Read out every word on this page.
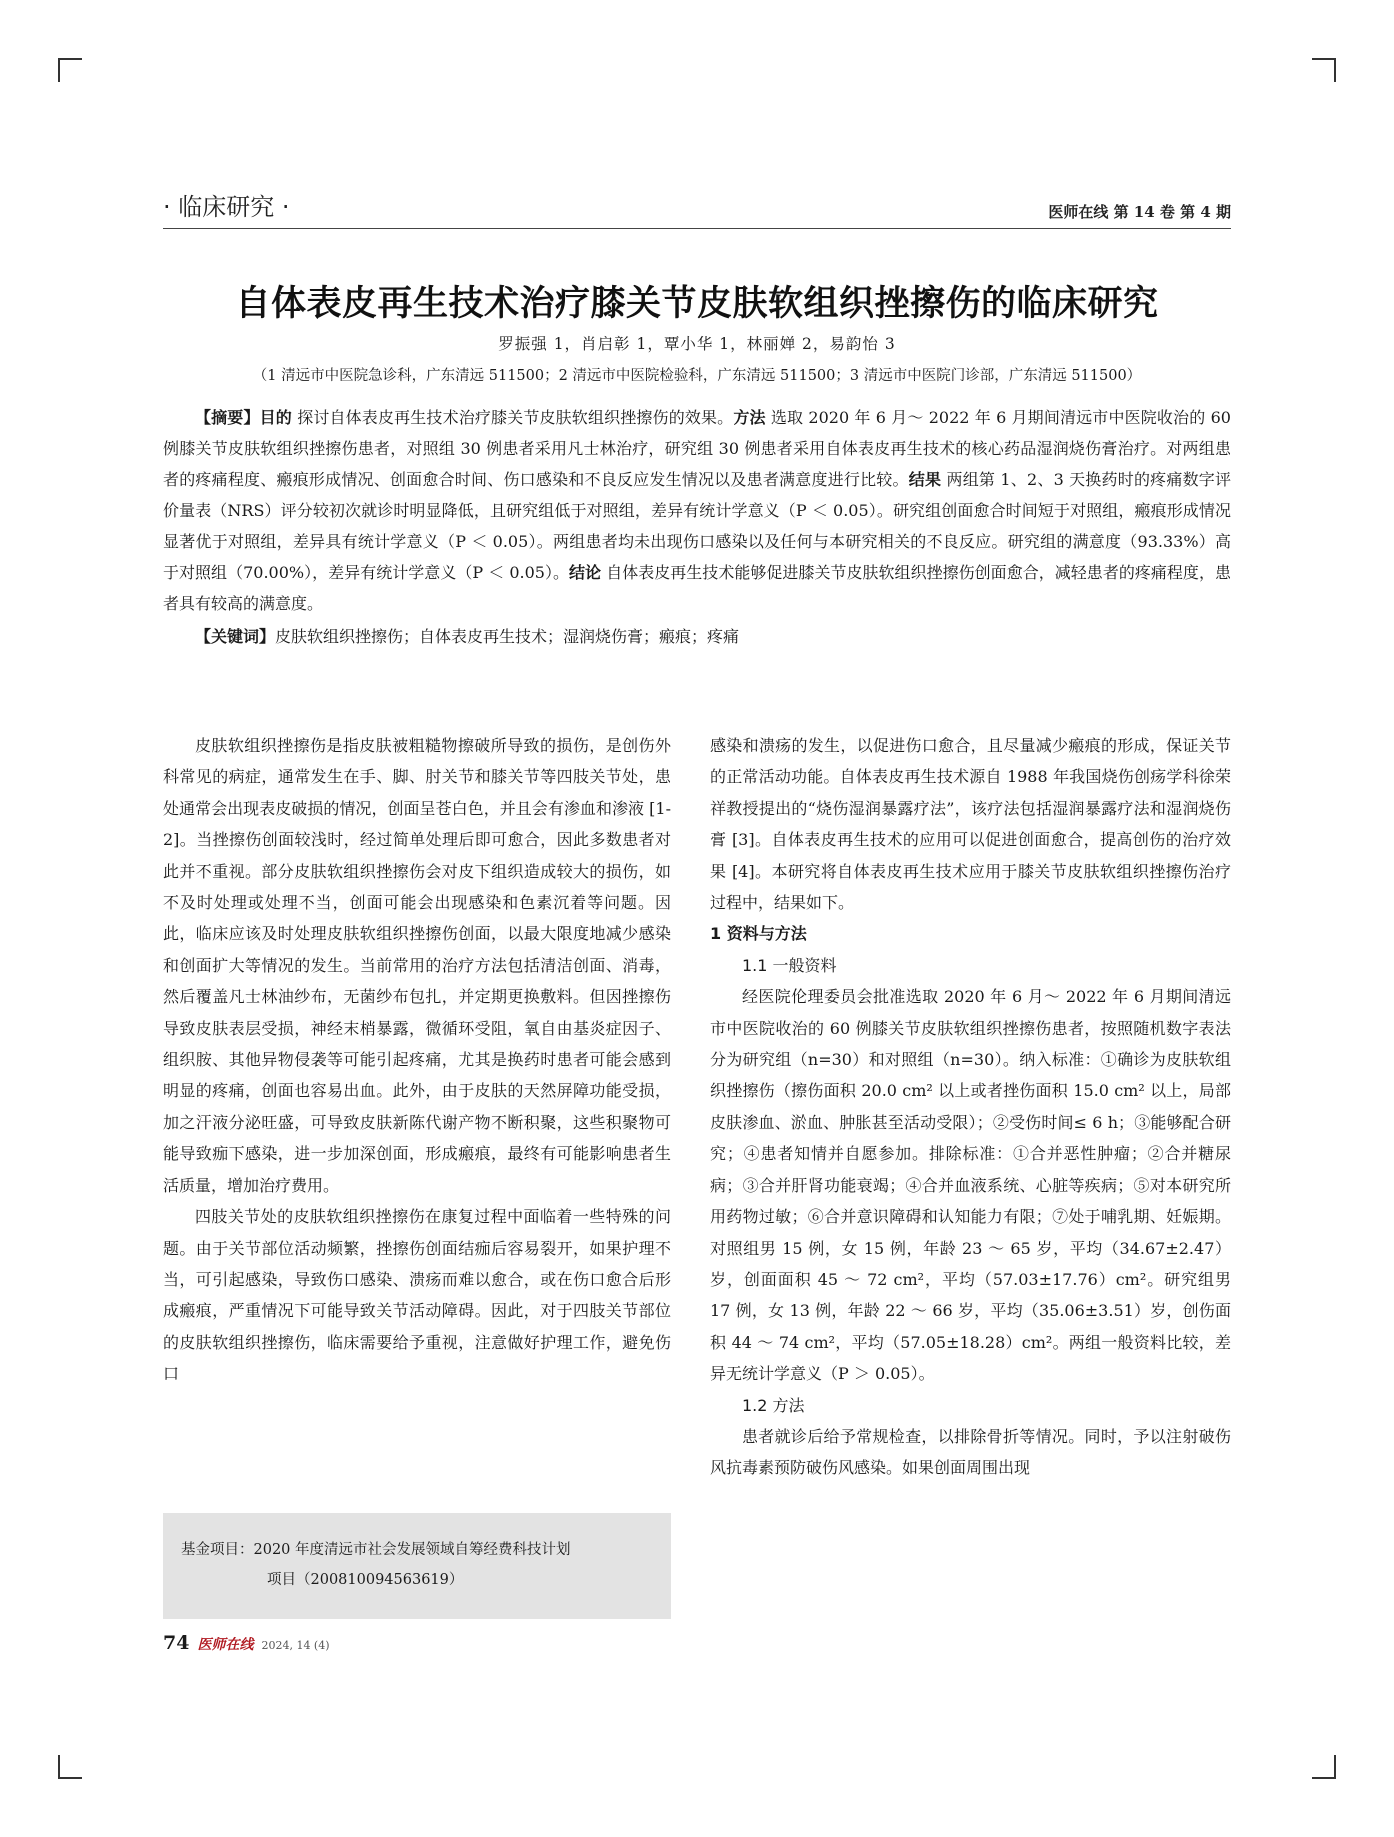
· 临床研究 ·	医师在线 第 14 卷 第 4 期
自体表皮再生技术治疗膝关节皮肤软组织挫擦伤的临床研究
罗振强 1，肖启彰 1，覃小华 1，林丽婵 2，易韵怡 3
（1 清远市中医院急诊科，广东清远 511500；2 清远市中医院检验科，广东清远 511500；3 清远市中医院门诊部，广东清远 511500）

【摘要】目的 探讨自体表皮再生技术治疗膝关节皮肤软组织挫擦伤的效果。方法 选取 2020 年 6 月～ 2022 年 6 月期间清远市中医院收治的 60 例膝关节皮肤软组织挫擦伤患者，对照组 30 例患者采用凡士林治疗，研究组 30 例患者采用自体表皮再生技术的核心药品湿润烧伤膏治疗。对两组患者的疼痛程度、瘢痕形成情况、创面愈合时间、伤口感染和不良反应发生情况以及患者满意度进行比较。结果 两组第 1、2、3 天换药时的疼痛数字评价量表（NRS）评分较初次就诊时明显降低，且研究组低于对照组，差异有统计学意义（P ＜ 0.05）。研究组创面愈合时间短于对照组，瘢痕形成情况显著优于对照组，差异具有统计学意义（P ＜ 0.05）。两组患者均未出现伤口感染以及任何与本研究相关的不良反应。研究组的满意度（93.33%）高于对照组（70.00%），差异有统计学意义（P ＜ 0.05）。结论 自体表皮再生技术能够促进膝关节皮肤软组织挫擦伤创面愈合，减轻患者的疼痛程度，患者具有较高的满意度。

【关键词】皮肤软组织挫擦伤；自体表皮再生技术；湿润烧伤膏；瘢痕；疼痛

皮肤软组织挫擦伤是指皮肤被粗糙物擦破所导致的损伤，是创伤外科常见的病症，通常发生在手、脚、肘关节和膝关节等四肢关节处，患处通常会出现表皮破损的情况，创面呈苍白色，并且会有渗血和渗液 [1-2]。当挫擦伤创面较浅时，经过简单处理后即可愈合，因此多数患者对此并不重视。部分皮肤软组织挫擦伤会对皮下组织造成较大的损伤，如不及时处理或处理不当，创面可能会出现感染和色素沉着等问题。因此，临床应该及时处理皮肤软组织挫擦伤创面，以最大限度地减少感染和创面扩大等情况的发生。当前常用的治疗方法包括清洁创面、消毒，然后覆盖凡士林油纱布，无菌纱布包扎，并定期更换敷料。但因挫擦伤导致皮肤表层受损，神经末梢暴露，微循环受阻，氧自由基炎症因子、组织胺、其他异物侵袭等可能引起疼痛，尤其是换药时患者可能会感到明显的疼痛，创面也容易出血。此外，由于皮肤的天然屏障功能受损，加之汗液分泌旺盛，可导致皮肤新陈代谢产物不断积聚，这些积聚物可能导致痂下感染，进一步加深创面，形成瘢痕，最终有可能影响患者生活质量，增加治疗费用。

四肢关节处的皮肤软组织挫擦伤在康复过程中面临着一些特殊的问题。由于关节部位活动频繁，挫擦伤创面结痂后容易裂开，如果护理不当，可引起感染，导致伤口感染、溃疡而难以愈合，或在伤口愈合后形成瘢痕，严重情况下可能导致关节活动障碍。因此，对于四肢关节部位的皮肤软组织挫擦伤，临床需要给予重视，注意做好护理工作，避免伤口

感染和溃疡的发生，以促进伤口愈合，且尽量减少瘢痕的形成，保证关节的正常活动功能。自体表皮再生技术源自 1988 年我国烧伤创疡学科徐荣祥教授提出的“烧伤湿润暴露疗法”，该疗法包括湿润暴露疗法和湿润烧伤膏 [3]。自体表皮再生技术的应用可以促进创面愈合，提高创伤的治疗效果 [4]。本研究将自体表皮再生技术应用于膝关节皮肤软组织挫擦伤治疗过程中，结果如下。

1 资料与方法

1.1 一般资料

经医院伦理委员会批准选取 2020 年 6 月～ 2022 年 6 月期间清远市中医院收治的 60 例膝关节皮肤软组织挫擦伤患者，按照随机数字表法分为研究组（n=30）和对照组（n=30）。纳入标准：①确诊为皮肤软组织挫擦伤（擦伤面积 20.0 cm² 以上或者挫伤面积 15.0 cm² 以上，局部皮肤渗血、淤血、肿胀甚至活动受限）；②受伤时间≤ 6 h；③能够配合研究；④患者知情并自愿参加。排除标准：①合并恶性肿瘤；②合并糖尿病；③合并肝肾功能衰竭；④合并血液系统、心脏等疾病；⑤对本研究所用药物过敏；⑥合并意识障碍和认知能力有限；⑦处于哺乳期、妊娠期。对照组男 15 例，女 15 例，年龄 23 ～ 65 岁，平均（34.67±2.47）岁，创面面积 45 ～ 72 cm²，平均（57.03±17.76）cm²。研究组男 17 例，女 13 例，年龄 22 ～ 66 岁，平均（35.06±3.51）岁，创伤面积 44 ～ 74 cm²，平均（57.05±18.28）cm²。两组一般资料比较，差异无统计学意义（P ＞ 0.05）。

1.2 方法

患者就诊后给予常规检查，以排除骨折等情况。同时，予以注射破伤风抗毒素预防破伤风感染。如果创面周围出现

基金项目：2020 年度清远市社会发展领域自筹经费科技计划
项目（200810094563619）
74 医师在线 2024, 14 (4)
